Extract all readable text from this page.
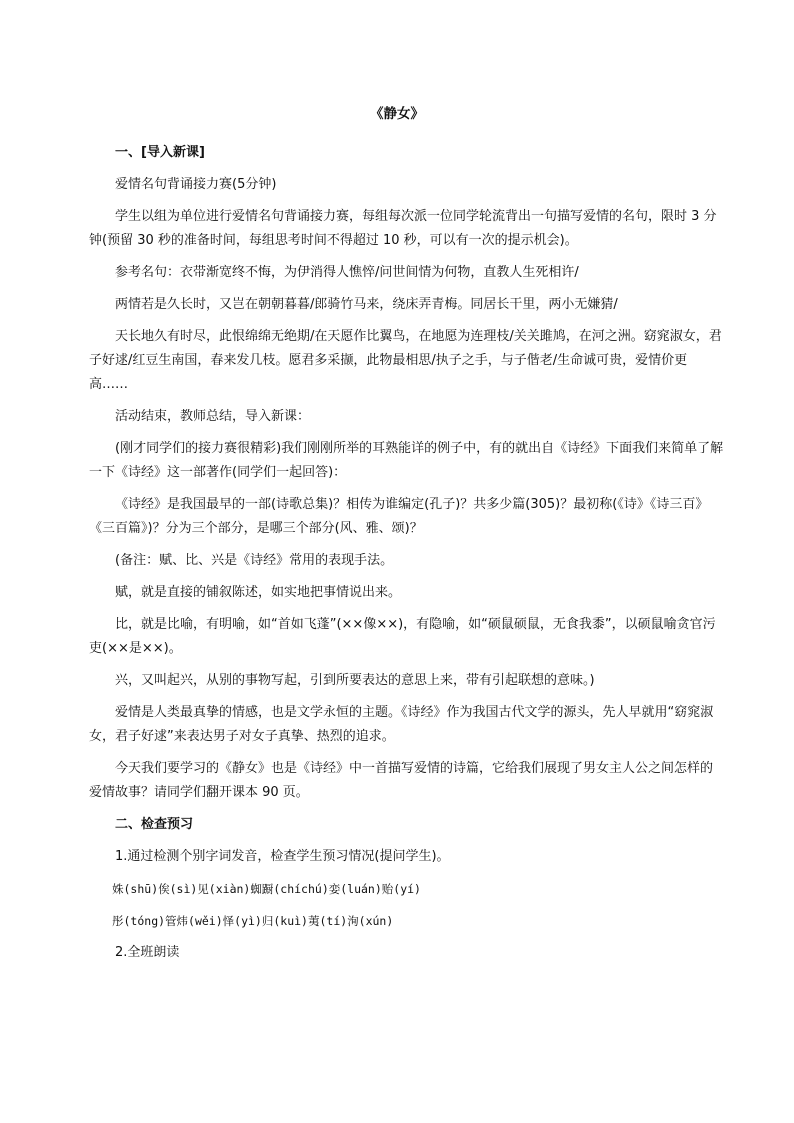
《静女》

一、[导入新课]

爱情名句背诵接力赛(5分钟)

学生以组为单位进行爱情名句背诵接力赛，每组每次派一位同学轮流背出一句描写爱情的名句，限时 3 分钟(预留 30 秒的准备时间，每组思考时间不得超过 10 秒，可以有一次的提示机会)。

参考名句：衣带渐宽终不悔，为伊消得人憔悴/问世间情为何物，直教人生死相许/

两情若是久长时，又岂在朝朝暮暮/郎骑竹马来，绕床弄青梅。同居长干里，两小无嫌猜/

天长地久有时尽，此恨绵绵无绝期/在天愿作比翼鸟，在地愿为连理枝/关关雎鸠，在河之洲。窈窕淑女，君子好逑/红豆生南国，春来发几枝。愿君多采撷，此物最相思/执子之手，与子偕老/生命诚可贵，爱情价更高……

活动结束，教师总结，导入新课：

(刚才同学们的接力赛很精彩)我们刚刚所举的耳熟能详的例子中，有的就出自《诗经》下面我们来简单了解一下《诗经》这一部著作(同学们一起回答)：

《诗经》是我国最早的一部(诗歌总集)？相传为谁编定(孔子)？共多少篇(305)？最初称(《诗》《诗三百》《三百篇》)？分为三个部分，是哪三个部分(风、雅、颂)？

(备注：赋、比、兴是《诗经》常用的表现手法。

赋，就是直接的铺叙陈述，如实地把事情说出来。

比，就是比喻，有明喻，如“首如飞蓬”(××像××)，有隐喻，如“硕鼠硕鼠，无食我黍”，以硕鼠喻贪官污吏(××是××)。

兴，又叫起兴，从别的事物写起，引到所要表达的意思上来，带有引起联想的意味。)

爱情是人类最真挚的情感，也是文学永恒的主题。《诗经》作为我国古代文学的源头，先人早就用“窈窕淑女，君子好逑”来表达男子对女子真挚、热烈的追求。

今天我们要学习的《静女》也是《诗经》中一首描写爱情的诗篇，它给我们展现了男女主人公之间怎样的爱情故事？请同学们翻开课本 90 页。

二、检查预习

1.通过检测个别字词发音，检查学生预习情况(提问学生)。

姝(shū)俟(sì)见(xiàn)蜘蹰(chíchú)娈(luán)贻(yí)

彤(tóng)管炜(wěi)怿(yì)归(kuì)荑(tí)洵(xún)

2.全班朗读
